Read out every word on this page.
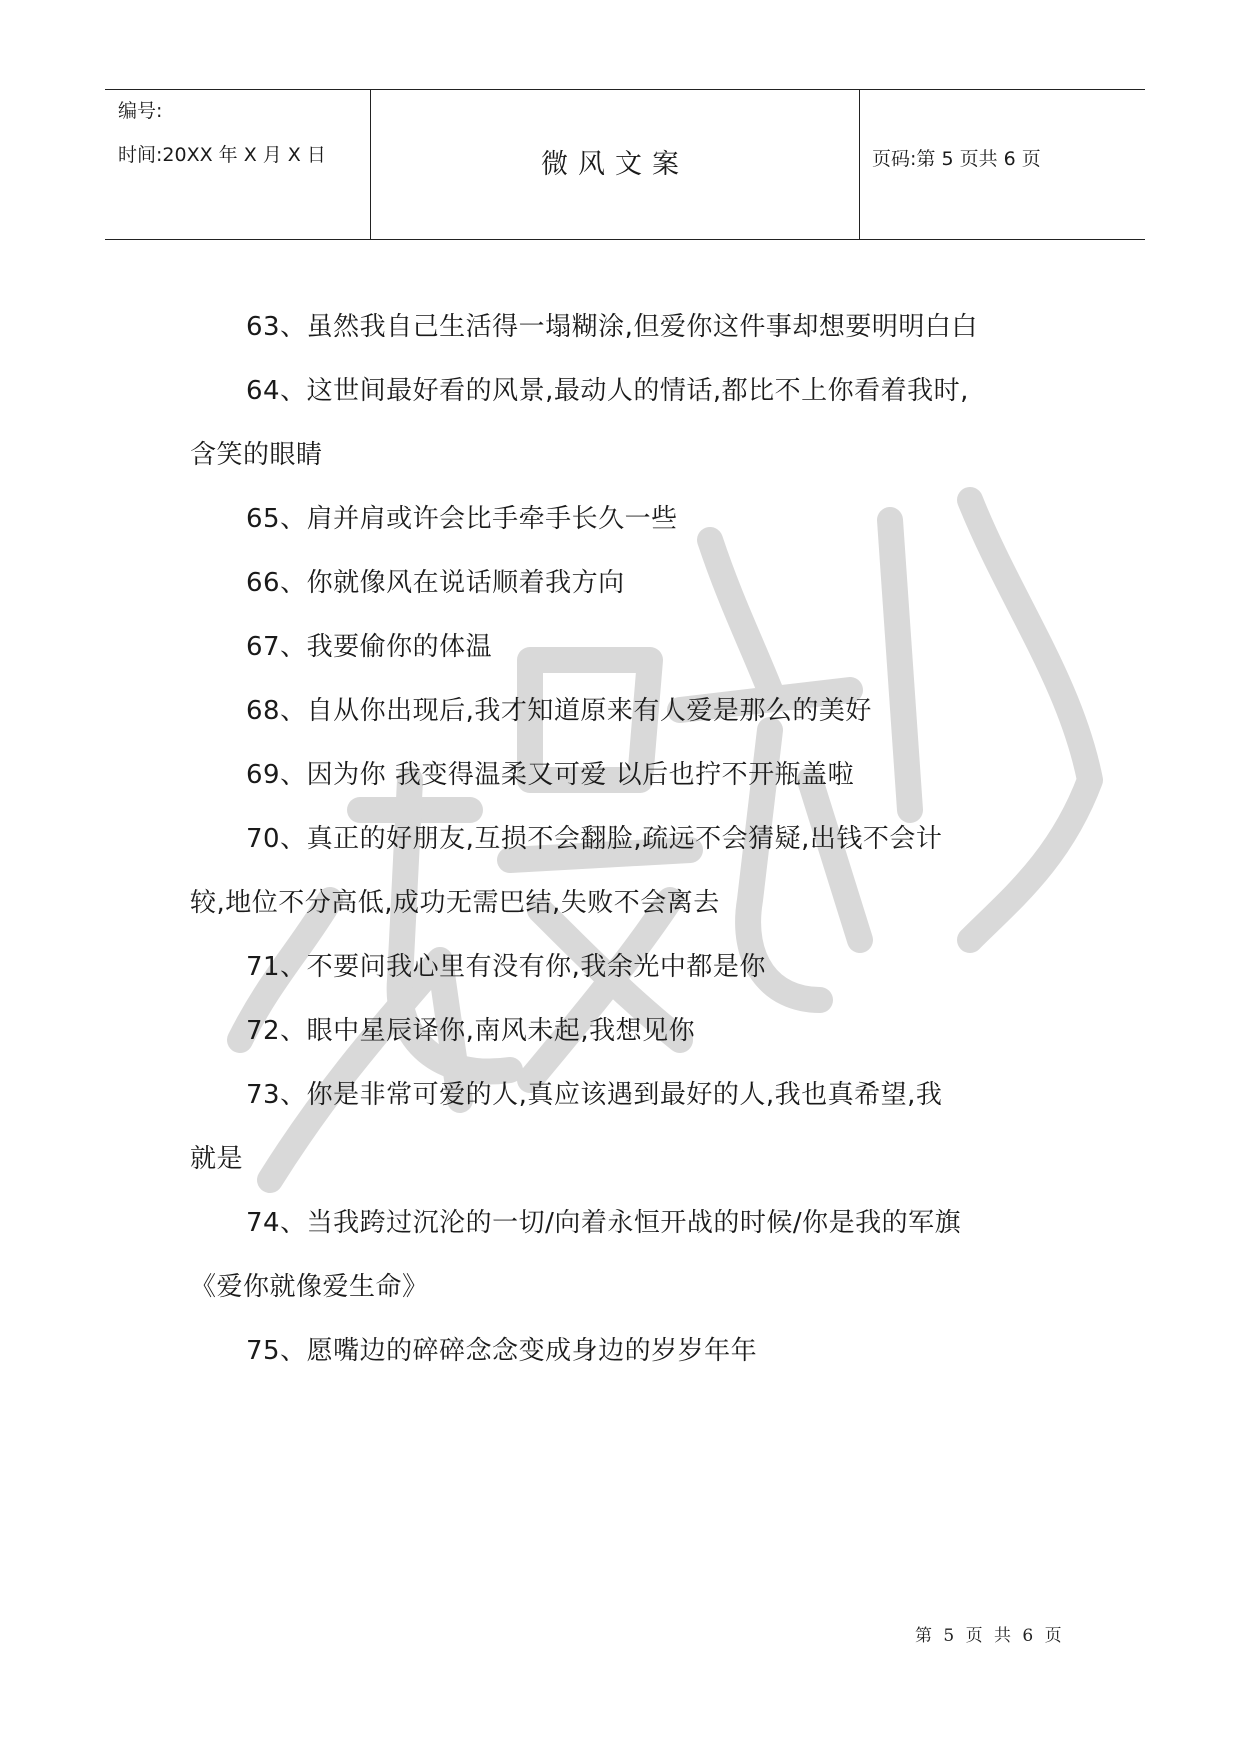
编号:
时间:20XX 年 X 月 X 日	微风文案	页码:第 5 页共 6 页

63、虽然我自己生活得一塌糊涂,但爱你这件事却想要明明白白

64、这世间最好看的风景,最动人的情话,都比不上你看着我时,
含笑的眼睛

65、肩并肩或许会比手牵手长久一些

66、你就像风在说话顺着我方向

67、我要偷你的体温

68、自从你出现后,我才知道原来有人爱是那么的美好

69、因为你 我变得温柔又可爱 以后也拧不开瓶盖啦

70、真正的好朋友,互损不会翻脸,疏远不会猜疑,出钱不会计
较,地位不分高低,成功无需巴结,失败不会离去

71、不要问我心里有没有你,我余光中都是你

72、眼中星辰译你,南风未起,我想见你

73、你是非常可爱的人,真应该遇到最好的人,我也真希望,我
就是

74、当我跨过沉沦的一切/向着永恒开战的时候/你是我的军旗
《爱你就像爱生命》

75、愿嘴边的碎碎念念变成身边的岁岁年年

第 5 页 共 6 页
